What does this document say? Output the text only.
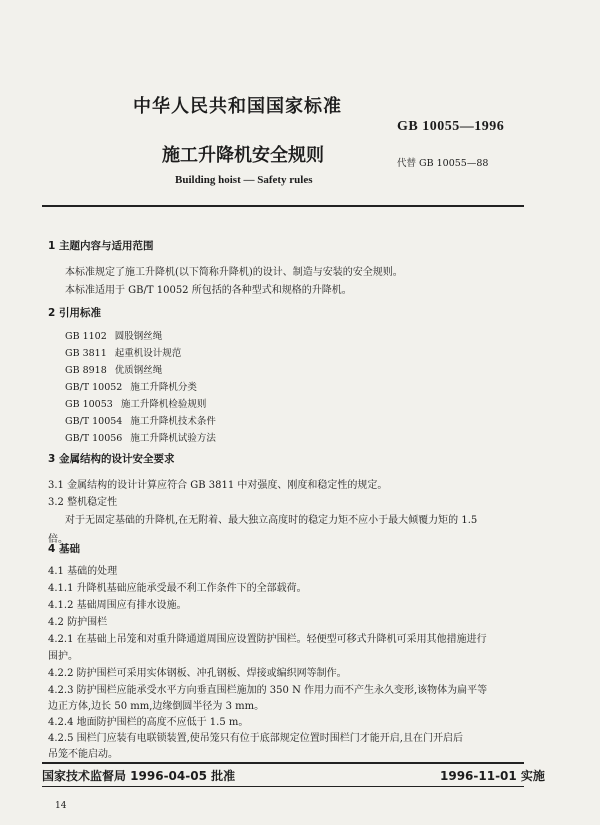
中华人民共和国国家标准
GB 10055—1996
施工升降机安全规则	代替 GB 10055—88
Building hoist — Safety rules
1 主题内容与适用范围
本标准规定了施工升降机(以下简称升降机)的设计、制造与安装的安全规则。
本标准适用于 GB/T 10052 所包括的各种型式和规格的升降机。
2 引用标准
GB 1102 圆股钢丝绳
GB 3811 起重机设计规范
GB 8918 优质钢丝绳
GB/T 10052 施工升降机分类
GB 10053 施工升降机检验规则
GB/T 10054 施工升降机技术条件
GB/T 10056 施工升降机试验方法
3 金属结构的设计安全要求
3.1 金属结构的设计计算应符合 GB 3811 中对强度、刚度和稳定性的规定。
3.2 整机稳定性
对于无固定基础的升降机,在无附着、最大独立高度时的稳定力矩不应小于最大倾覆力矩的 1.5
倍。
4 基础
4.1 基础的处理
4.1.1 升降机基础应能承受最不利工作条件下的全部载荷。
4.1.2 基础周围应有排水设施。
4.2 防护围栏
4.2.1 在基础上吊笼和对重升降通道周围应设置防护围栏。轻便型可移式升降机可采用其他措施进行
围护。
4.2.2 防护围栏可采用实体钢板、冲孔钢板、焊接或编织网等制作。
4.2.3 防护围栏应能承受水平方向垂直围栏施加的 350 N 作用力而不产生永久变形,该物体为扁平等
边正方体,边长 50 mm,边缘倒圆半径为 3 mm。
4.2.4 地面防护围栏的高度不应低于 1.5 m。
国家技术监督局 1996-04-05 批准	1996-11-01 实施
14
4.2.5 围栏门应装有电联锁装置,使吊笼只有位于底部规定位置时围栏门才能开启,且在门开启后
吊笼不能启动。
